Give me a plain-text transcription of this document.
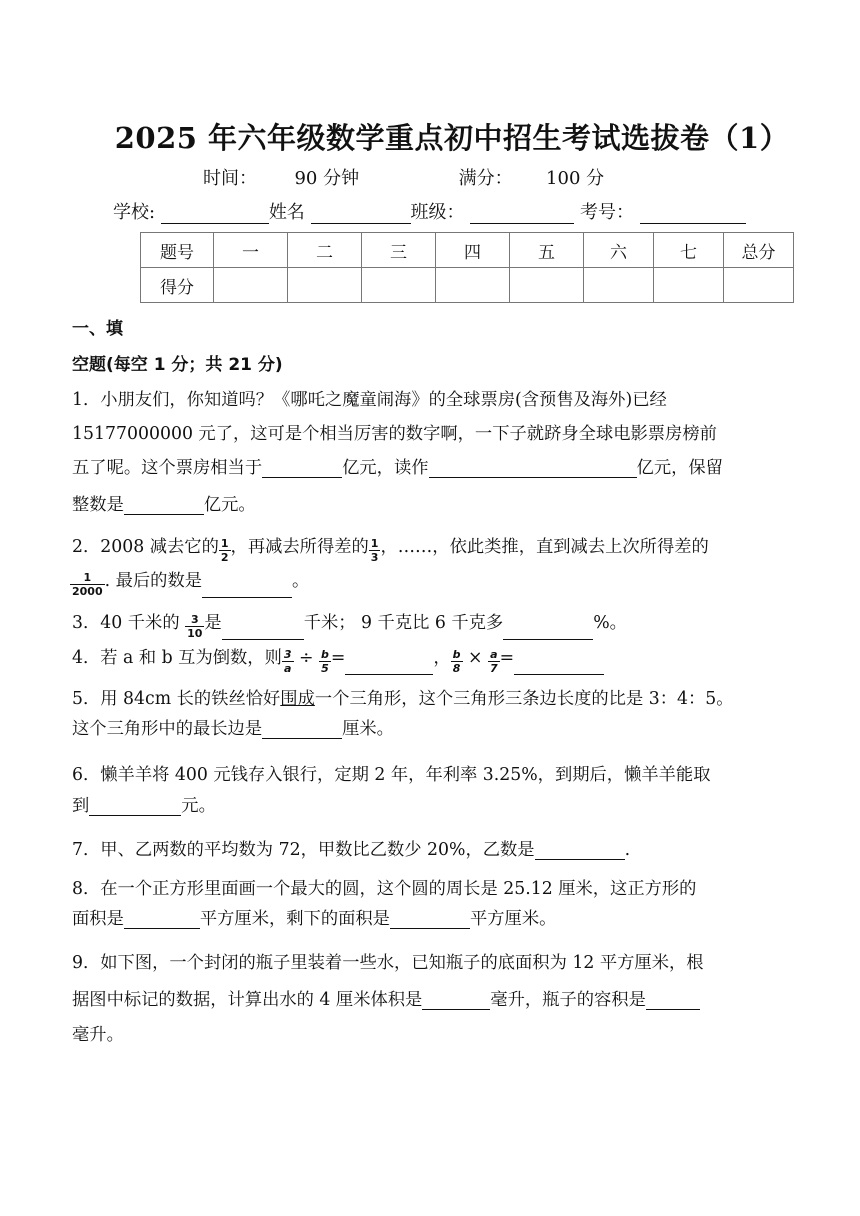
2025 年六年级数学重点初中招生考试选拔卷（1）
时间： 90 分钟	满分： 100 分
学校:	姓名	班级：	考号：
题号	一	二	三	四	五	六	七	总分
得分								
一、填
空题(每空 1 分；共 21 分)
1．小朋友们，你知道吗？《哪吒之魔童闹海》的全球票房(含预售及海外)已经
15177000000 元了，这可是个相当厉害的数字啊，一下子就跻身全球电影票房榜前
五了呢。这个票房相当于	亿元，读作	亿元，保留
整数是	亿元。
2．2008 减去它的 $\frac{1}{2}$ ，再减去所得差的 $\frac{1}{3}$ ，……，依此类推，直到减去上次所得差的
$\frac{1}{2000}$ . 最后的数是	。
3．40 千米的 $\frac{3}{10}$ 是	千米； 9 千克比 6 千克多	%。
4．若 a 和 b 互为倒数，则 $\frac{3}{a} \div \frac{b}{5}$ =	， $\frac{b}{8} \times \frac{a}{7}$ =
5．用 84cm 长的铁丝恰好围成一个三角形，这个三角形三条边长度的比是 3：4：5。
这个三角形中的最长边是	厘米。
6．懒羊羊将 400 元钱存入银行，定期 2 年，年利率 3.25%，到期后，懒羊羊能取
到	元。
7．甲、乙两数的平均数为 72，甲数比乙数少 20%，乙数是	.
8．在一个正方形里面画一个最大的圆，这个圆的周长是 25.12 厘米，这正方形的
面积是	平方厘米，剩下的面积是	平方厘米。
9．如下图，一个封闭的瓶子里装着一些水，已知瓶子的底面积为 12 平方厘米，根
据图中标记的数据，计算出水的 4 厘米体积是	毫升，瓶子的容积是
毫升。
